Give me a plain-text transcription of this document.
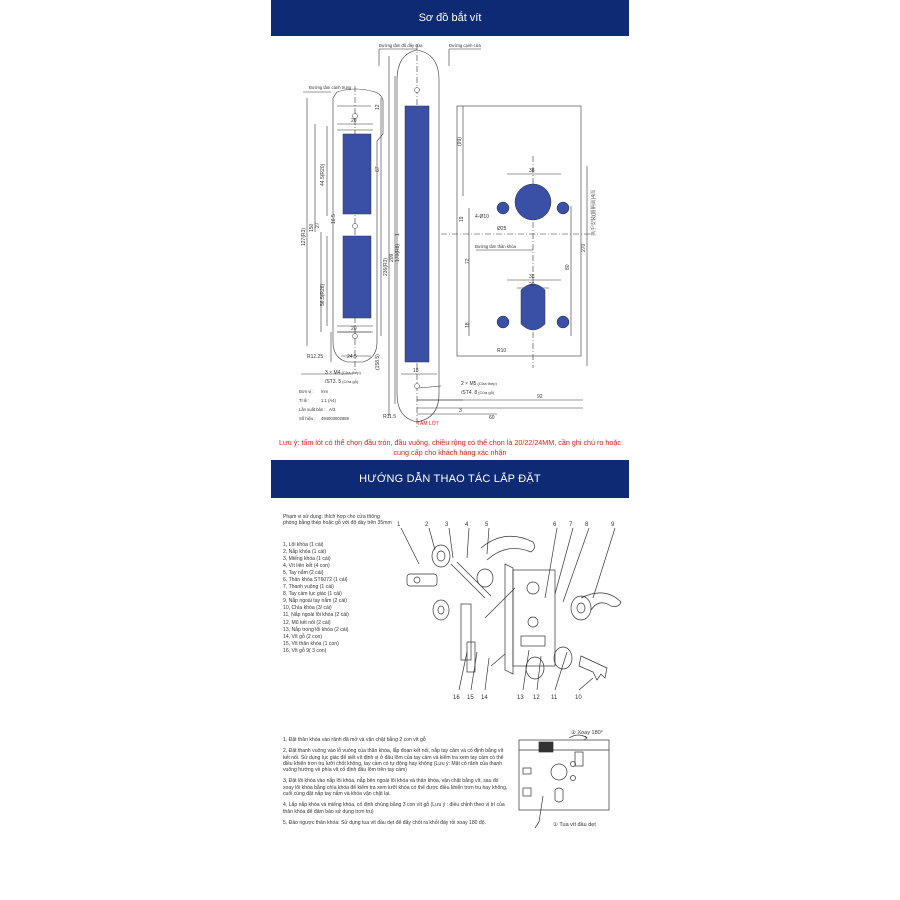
Sơ đồ bắt vít
Đường tâm cánh trung
Đường tâm đồ dây cửa	Đường cạnh cửa
Đường tâm thân khóa
20
44.5(R20)	67
16.5
27
127(R3)
150
56.5(R26)
20
(158.5)
R12.25	24.5
12
236(R3)
209 170(R8)
18
R11.5
3
60
92
(99)
38
4-Ø10
Ø25
19
72
38
20
80
18
R10
270
1	执手安装(圆柄面)4面
3 × M4(Cửa thép)
/ST3. 5(Cửa gỗ)	2 × M5(Cửa thép)
/ST4. 8(Cửa gỗ)
Đơn vị : mm
Tỉ lệ :	1:1 (A4)
Lần xuất bản : A/3
Số hiệu : 494003002856
TẤM LÓT
Lưu ý: tấm lót có thể chọn đầu tròn, đầu vuông, chiều rộng có thể chọn là 20/22/24MM, cần ghi chú ro hoặc cung cấp cho khách hàng xác nhận
HƯỚNG DẪN THAO TÁC LẮP ĐẶT
Phạm vi sử dụng: thích hợp cho cửa thông phòng bằng thép hoặc gỗ với độ dày trên 35mm
1, Lõi khóa (1 cái)
2, Nắp khóa (1 cái)
3, Miếng khóa (1 cái)
4, Vít liên kết (4 con)
5, Tay nắm (2 cái)
6, Thân khóa ST6072 (1 cái)
7, Thanh vuông (1 cái)
8, Tay cầm lục giác (1 cái)
9, Nắp ngoài tay nắm (2 cái)
10, Chìa khóa (3/ cái)
11, Nắp ngoài lõi khóa (2 cái)
12, Mũ kết nối (2 cái)
13, Nắp trong lõi khóa (2 cái)
14, Vít gỗ (2 con)
15, Vít thân khóa (1 con)
16, Vít gỗ 9( 3 con)
1	2	3	4	5	6 7 8	9
16 15 14	13 12 11	10

1, Đặt thân khóa vào rãnh đã mở và vặn chặt bằng 2 con vít gỗ

2, Đặt thanh vuông vào lỗ vuông của thân khóa, lắp đoạn kết nối, nắp tay cầm và cố định bằng vít kết nối. Sử dụng lục giác để siết vít định vị ở đầu lõm của tay cầm và kiểm tra xem tay cầm có thể điều khiển trơn tru lưỡi chốt không, tay cầm có tự động hay không (Lưu ý: Mặt có rãnh của thanh vuông hướng về phía vít cố định đầu lõm trên tay cầm)

3, Đặt lõi khóa vào nắp lõi khóa, nắp bên ngoài lõi khóa và thân khóa, vặn chặt bằng vít, sau đó xoay lõi khóa bằng chìa khóa để kiểm tra xem lưỡi khóa có thể được điều khiển trơn tru hay không, cuối cùng đặt nắp tay nắm và khóa vặn chặt lại.

4, Lắp nắp khóa và miếng khóa, cố định chúng bằng 3 con vít gỗ (Lưu ý : điều chỉnh theo vị trí của thân khóa để đảm bảo sử dụng trơn tru)

5, Đảo ngược thân khóa: Sử dụng tua vít đầu dẹt để đẩy chốt ra khỏi đáy rồi xoay 180 độ.

② Xoay 180°
① Tua vít đầu dẹt
